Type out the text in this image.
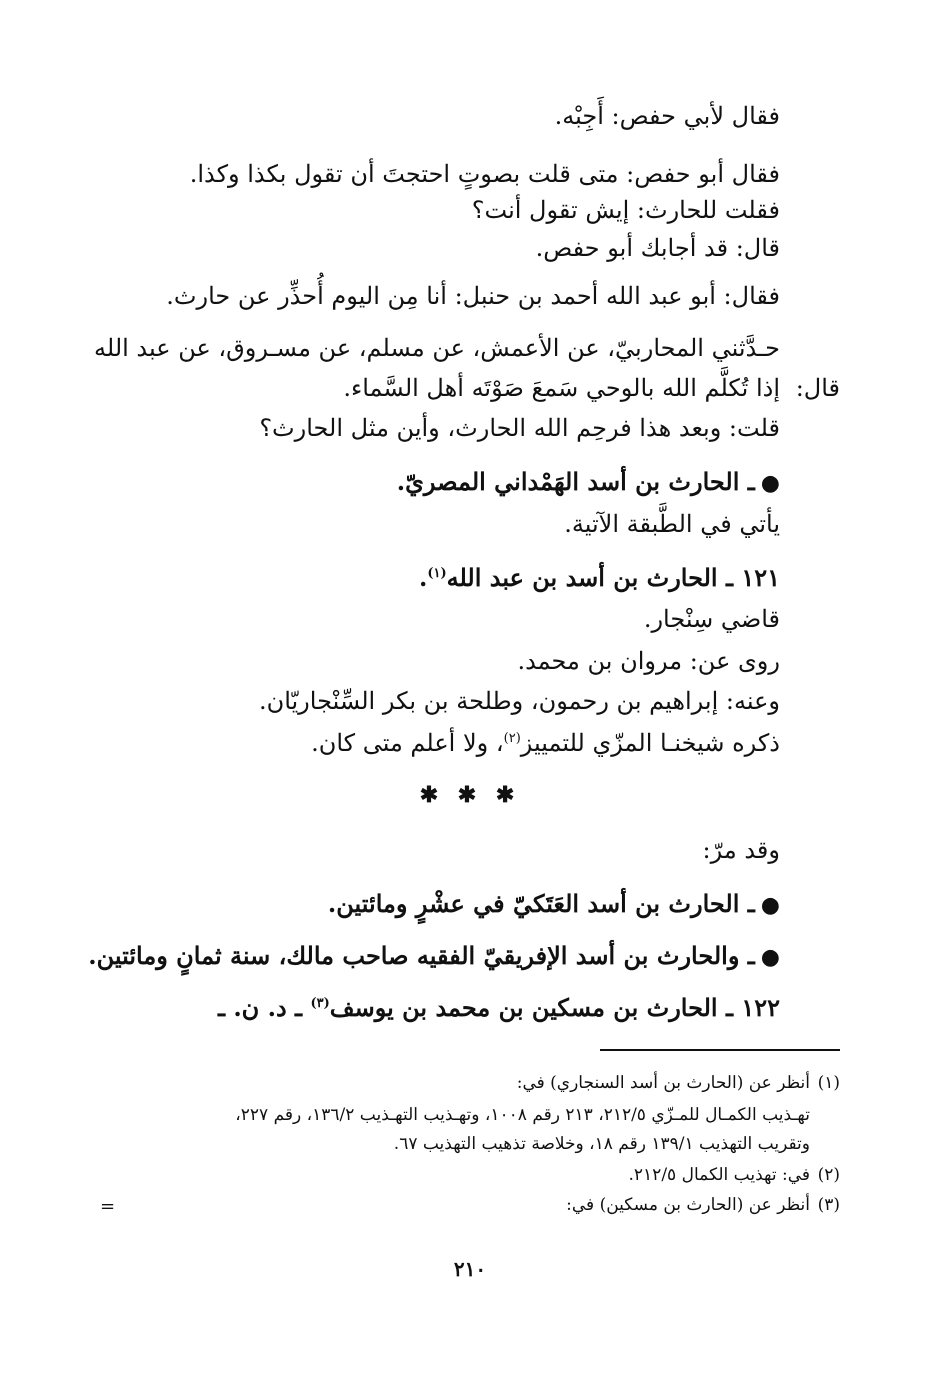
فقال لأبي حفص: أَجِبْه.
فقال أبو حفص: متى قلت بصوتٍ احتجتَ أن تقول بكذا وكذا.
فقلت للحارث: إيش تقول أنت؟
قال: قد أجابك أبو حفص.
فقال: أبو عبد الله أحمد بن حنبل: أنا مِن اليوم أُحذِّر عن حارث.
حـدَّثني المحاربيّ، عن الأعمش، عن مسلم، عن مسـروق، عن عبد الله
قال:
إذا تُكلَّم الله بالوحي سَمعَ صَوْتَه أهل السَّماء.
قلت: وبعد هذا فرحِم الله الحارث، وأين مثل الحارث؟
●ـ الحارث بن أسد الهَمْداني المصريّ.
يأتي في الطَّبقة الآتية.
١٢١ ـ الحارث بن أسد بن عبد الله$^{(١)}$.
قاضي سِنْجار.
روى عن: مروان بن محمد.
وعنه: إبراهيم بن رحمون، وطلحة بن بكر السِّنْجاريّان.
ذكره شيخنـا المزّي للتمييز$^{(٢)}$، ولا أعلم متى كان.
✱ ✱ ✱
وقد مرّ:
●ـ الحارث بن أسد العَتَكيّ في عشْرٍ ومائتين.
●ـ والحارث بن أسد الإفريقيّ الفقيه صاحب مالك، سنة ثمانٍ ومائتين.
١٢٢ ـ الحارث بن مسكين بن محمد بن يوسف$^{(٣)}$ ـ د. ن. ـ
(١)أنظر عن (الحارث بن أسد السنجاري) في:
تهـذيب الكمـال للمـزّي ٢١٢/٥، ٢١٣ رقم ١٠٠٨، وتهـذيب التهـذيب ١٣٦/٢، رقم ٢٢٧،
وتقريب التهذيب ١٣٩/١ رقم ١٨، وخلاصة تذهيب التهذيب ٦٧.
(٢)في: تهذيب الكمال ٢١٢/٥.
(٣)أنظر عن (الحارث بن مسكين) في:
=
٢١٠
